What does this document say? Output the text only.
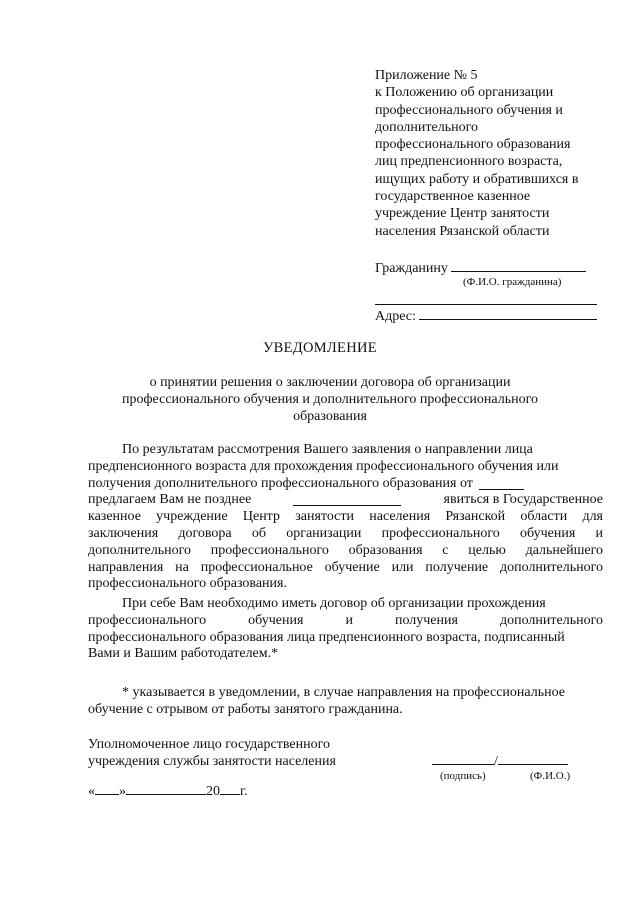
Приложение № 5
к Положению об организации
профессионального обучения и
дополнительного
профессионального образования
лиц предпенсионного возраста,
ищущих работу и обратившихся в
государственное казенное
учреждение Центр занятости
населения Рязанской области
Гражданину
(Ф.И.О. гражданина)
Адрес:
УВЕДОМЛЕНИЕ
о принятии решения о заключении договора об организации
профессионального обучения и дополнительного профессионального
образования
По результатам рассмотрения Вашего заявления о направлении лица
предпенсионного возраста для прохождения профессионального обучения или
получения дополнительного профессионального образования от
предлагаем Вам не позднее	явиться в Государственное
казенное учреждение Центр занятости населения Рязанской области для
заключения договора об организации профессионального обучения и
дополнительного профессионального образования с целью дальнейшего
направления на профессиональное обучение или получение дополнительного
профессионального образования.
При себе Вам необходимо иметь договор об организации прохождения
профессионального	обучения	и	получения	дополнительного
профессионального образования лица предпенсионного возраста, подписанный
Вами и Вашим работодателем.*
* указывается в уведомлении, в случае направления на профессиональное
обучение с отрывом от работы занятого гражданина.
Уполномоченное лицо государственного
учреждения службы занятости населения	/
(подпись)	(Ф.И.О.)
« »	20 г.
